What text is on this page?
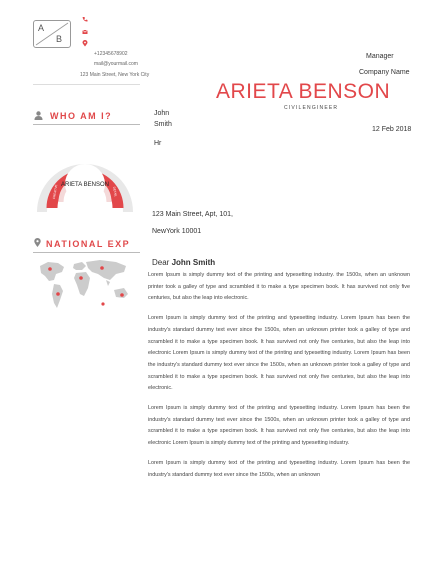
A
B
+12345678902
mail@yourmail.com
123 Main Street, New York City
Manager
Company Name
ARIETA BENSON
CIVILENGINEER
WHO AM I?	John
Smith
12 Feb 2018
Hr
ARIETA BENSON
PROFESSIONAL
ORGANIZED	CREATIVE
CREATIVE	DETAIL
NATIONAL EXP
123 Main Street, Apt, 101,
NewYork 10001
Dear John Smith

Lorem Ipsum is simply dummy text of the printing and typesetting industry. the 1500s, when an unknown printer took a galley of type and scrambled it to make a type specimen book. It has survived not only five centuries, but also the leap into electronic.

Lorem Ipsum is simply dummy text of the printing and typesetting industry. Lorem Ipsum has been the industry's standard dummy text ever since the 1500s, when an unknown printer took a galley of type and scrambled it to make a type specimen book. It has survived not only five centuries, but also the leap into electronic Lorem Ipsum is simply dummy text of the printing and typesetting industry. Lorem Ipsum has been the industry's standard dummy text ever since the 1500s, when an unknown printer took a galley of type and scrambled it to make a type specimen book. It has survived not only five centuries, but also the leap into electronic.

Lorem Ipsum is simply dummy text of the printing and typesetting industry. Lorem Ipsum has been the industry's standard dummy text ever since the 1500s, when an unknown printer took a galley of type and scrambled it to make a type specimen book. It has survived not only five centuries, but also the leap into electronic Lorem Ipsum is simply dummy text of the printing and typesetting industry.

Lorem Ipsum is simply dummy text of the printing and typesetting industry. Lorem Ipsum has been the industry's standard dummy text ever since the 1500s, when an unknown
